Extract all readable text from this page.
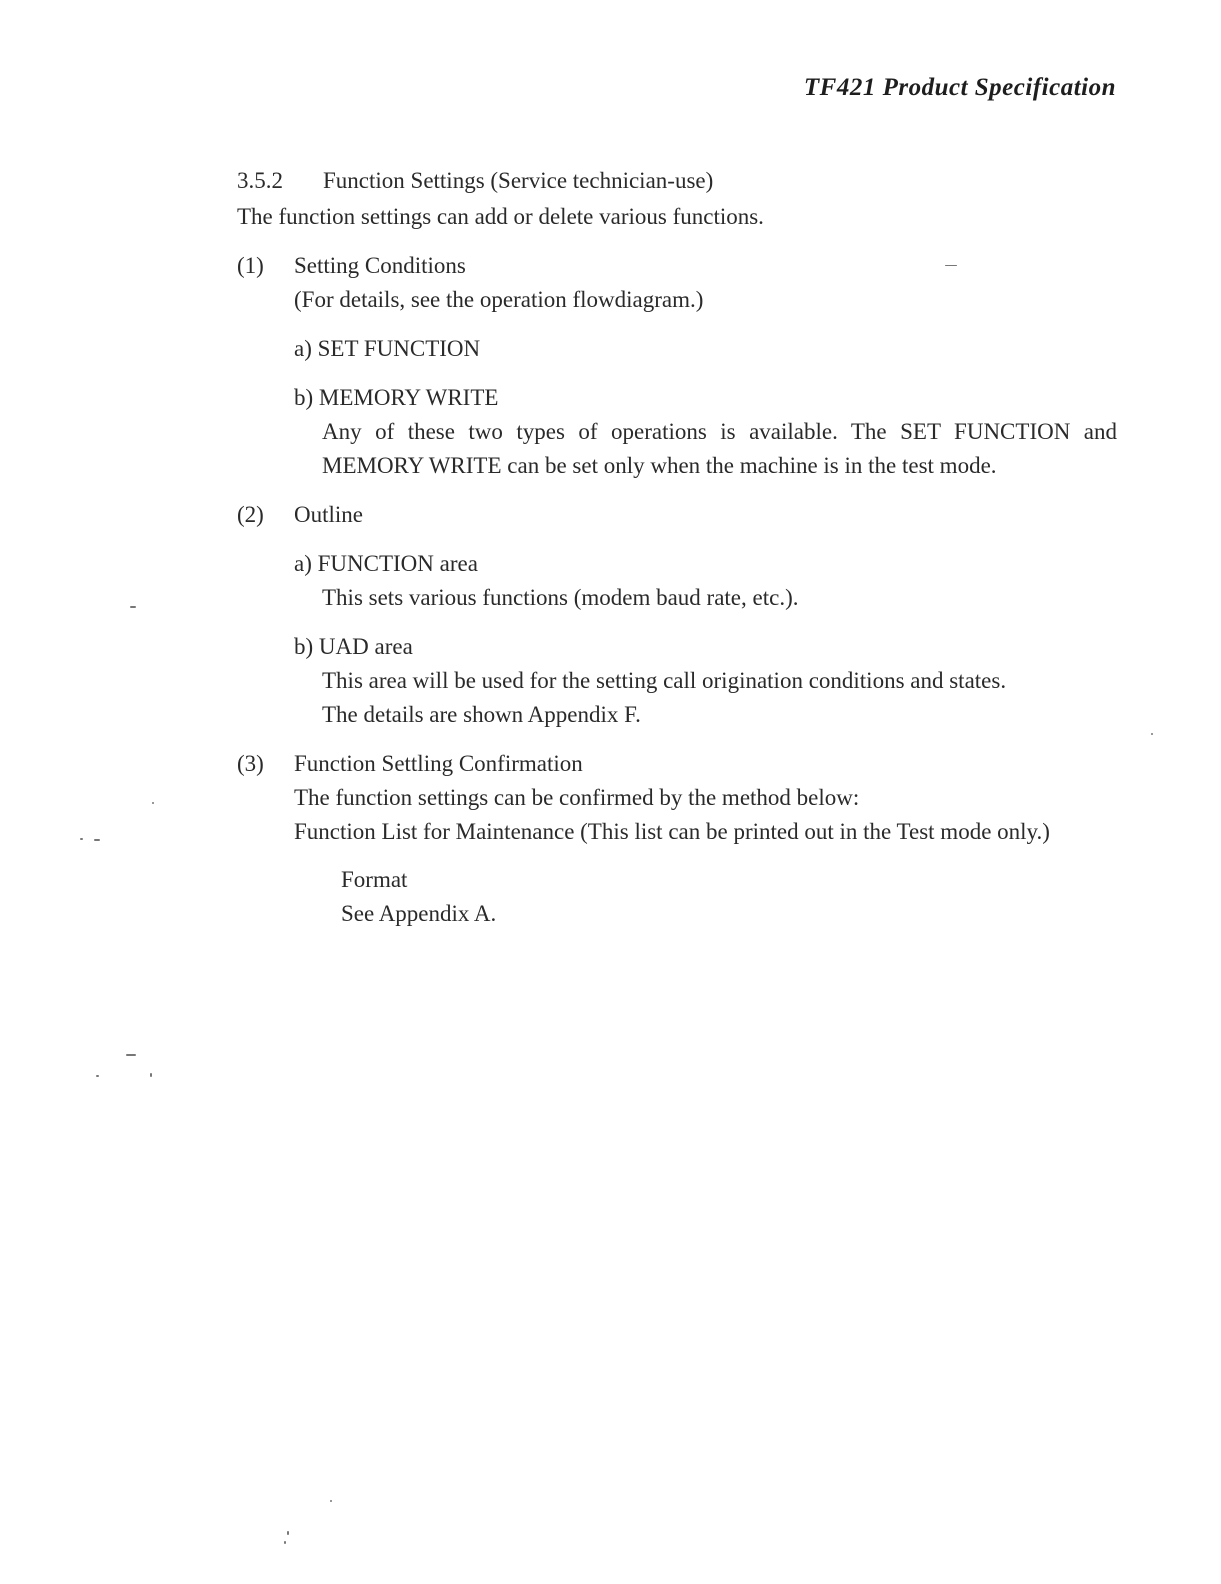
TF421 Product Specification
3.5.2 Function Settings (Service technician-use)
The function settings can add or delete various functions.
(1) Setting Conditions
(For details, see the operation flowdiagram.)
a) SET FUNCTION
b) MEMORY WRITE
Any of these two types of operations is available. The SET FUNCTION and MEMORY WRITE can be set only when the machine is in the test mode.
(2) Outline
a) FUNCTION area
This sets various functions (modem baud rate, etc.).
b) UAD area
This area will be used for the setting call origination conditions and states.
The details are shown Appendix F.
(3) Function Settling Confirmation
The function settings can be confirmed by the method below:
Function List for Maintenance (This list can be printed out in the Test mode only.)
Format
See Appendix A.
